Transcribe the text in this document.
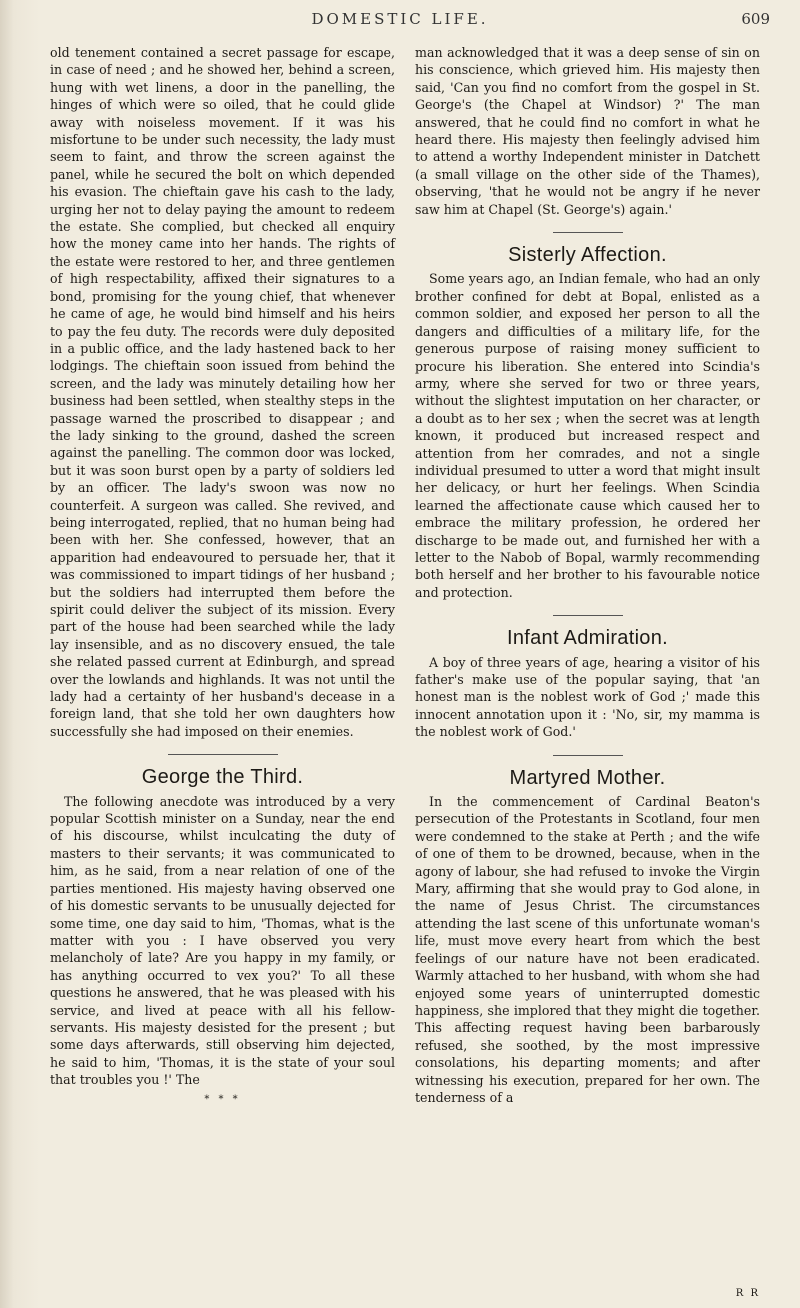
DOMESTIC LIFE.	609

old tenement contained a secret passage for escape, in case of need ; and he showed her, behind a screen, hung with wet linens, a door in the panelling, the hinges of which were so oiled, that he could glide away with noiseless movement. If it was his misfortune to be under such necessity, the lady must seem to faint, and throw the screen against the panel, while he secured the bolt on which depended his evasion. The chieftain gave his cash to the lady, urging her not to delay paying the amount to redeem the estate. She complied, but checked all enquiry how the money came into her hands. The rights of the estate were restored to her, and three gentlemen of high respectability, affixed their signatures to a bond, promising for the young chief, that whenever he came of age, he would bind himself and his heirs to pay the feu duty. The records were duly deposited in a public office, and the lady hastened back to her lodgings. The chieftain soon issued from behind the screen, and the lady was minutely detailing how her business had been settled, when stealthy steps in the passage warned the proscribed to disappear ; and the lady sinking to the ground, dashed the screen against the panelling. The common door was locked, but it was soon burst open by a party of soldiers led by an officer. The lady's swoon was now no counterfeit. A surgeon was called. She revived, and being interrogated, replied, that no human being had been with her. She confessed, however, that an apparition had endeavoured to persuade her, that it was commissioned to impart tidings of her husband ; but the soldiers had interrupted them before the spirit could deliver the subject of its mission. Every part of the house had been searched while the lady lay insensible, and as no discovery ensued, the tale she related passed current at Edinburgh, and spread over the lowlands and highlands. It was not until the lady had a certainty of her husband's decease in a foreign land, that she told her own daughters how successfully she had imposed on their enemies.

George the Third.

The following anecdote was introduced by a very popular Scottish minister on a Sunday, near the end of his discourse, whilst inculcating the duty of masters to their servants; it was communicated to him, as he said, from a near relation of one of the parties mentioned. His majesty having observed one of his domestic servants to be unusually dejected for some time, one day said to him, 'Thomas, what is the matter with you : I have observed you very melancholy of late? Are you happy in my family, or has anything occurred to vex you?' To all these questions he answered, that he was pleased with his service, and lived at peace with all his fellow-servants. His majesty desisted for the present ; but some days afterwards, still observing him dejected, he said to him, 'Thomas, it is the state of your soul that troubles you !' The

* * *

man acknowledged that it was a deep sense of sin on his conscience, which grieved him. His majesty then said, 'Can you find no comfort from the gospel in St. George's (the Chapel at Windsor) ?' The man answered, that he could find no comfort in what he heard there. His majesty then feelingly advised him to attend a worthy Independent minister in Datchett (a small village on the other side of the Thames), observing, 'that he would not be angry if he never saw him at Chapel (St. George's) again.'

Sisterly Affection.

Some years ago, an Indian female, who had an only brother confined for debt at Bopal, enlisted as a common soldier, and exposed her person to all the dangers and difficulties of a military life, for the generous purpose of raising money sufficient to procure his liberation. She entered into Scindia's army, where she served for two or three years, without the slightest imputation on her character, or a doubt as to her sex ; when the secret was at length known, it produced but increased respect and attention from her comrades, and not a single individual presumed to utter a word that might insult her delicacy, or hurt her feelings. When Scindia learned the affectionate cause which caused her to embrace the military profession, he ordered her discharge to be made out, and furnished her with a letter to the Nabob of Bopal, warmly recommending both herself and her brother to his favourable notice and protection.

Infant Admiration.

A boy of three years of age, hearing a visitor of his father's make use of the popular saying, that 'an honest man is the noblest work of God ;' made this innocent annotation upon it : 'No, sir, my mamma is the noblest work of God.'

Martyred Mother.

In the commencement of Cardinal Beaton's persecution of the Protestants in Scotland, four men were condemned to the stake at Perth ; and the wife of one of them to be drowned, because, when in the agony of labour, she had refused to invoke the Virgin Mary, affirming that she would pray to God alone, in the name of Jesus Christ. The circumstances attending the last scene of this unfortunate woman's life, must move every heart from which the best feelings of our nature have not been eradicated. Warmly attached to her husband, with whom she had enjoyed some years of uninterrupted domestic happiness, she implored that they might die together. This affecting request having been barbarously refused, she soothed, by the most impressive consolations, his departing moments; and after witnessing his execution, prepared for her own. The tenderness of a

R R
